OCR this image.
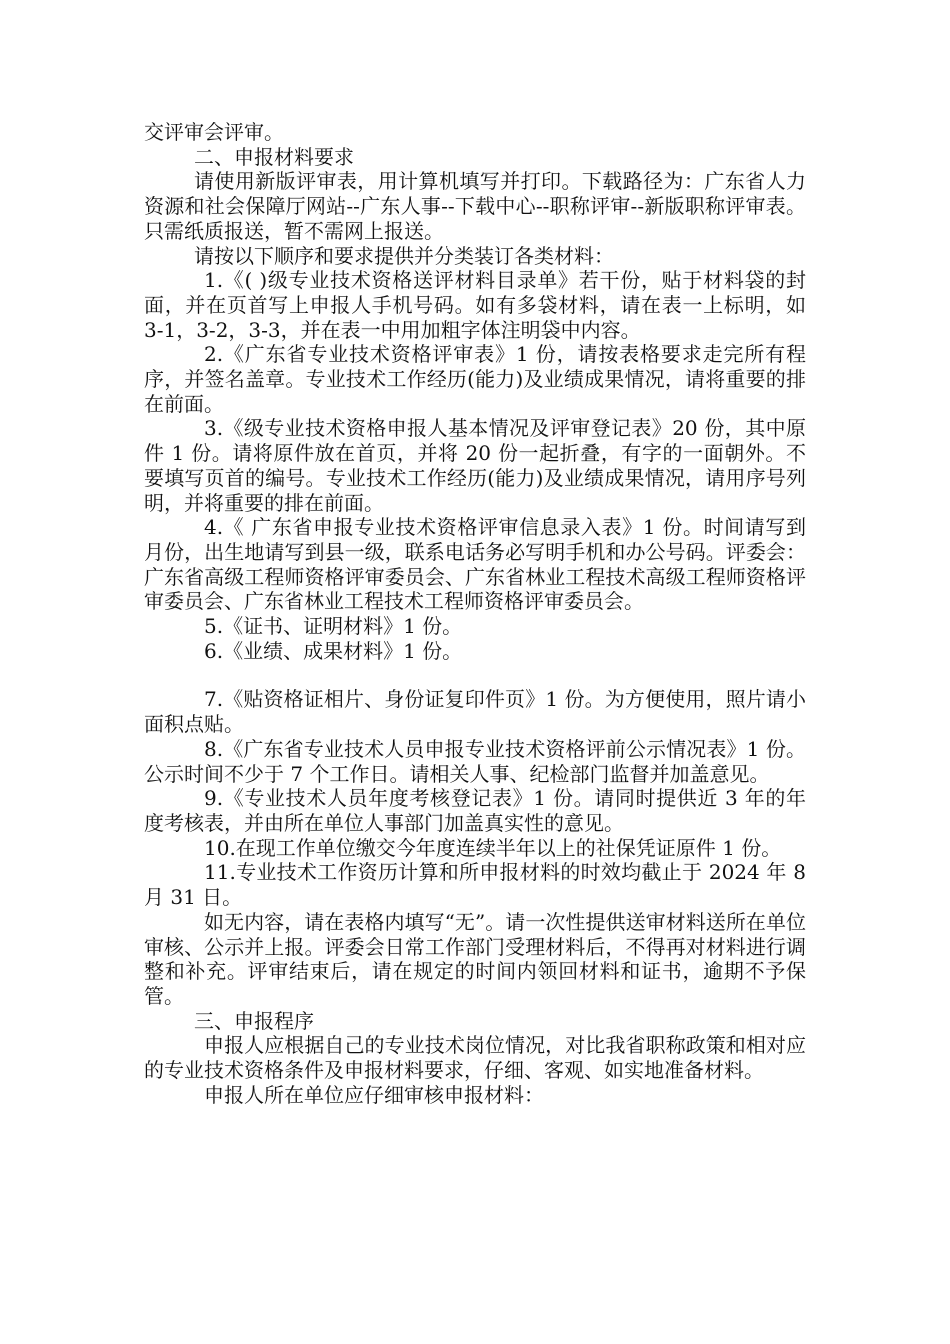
交评审会评审。

二、申报材料要求

请使用新版评审表，用计算机填写并打印。下载路径为：广东省人力资源和社会保障厅网站--广东人事--下载中心--职称评审--新版职称评审表。只需纸质报送，暂不需网上报送。

请按以下顺序和要求提供并分类装订各类材料：

1.《( )级专业技术资格送评材料目录单》若干份，贴于材料袋的封面，并在页首写上申报人手机号码。如有多袋材料，请在表一上标明，如 3-1，3-2，3-3，并在表一中用加粗字体注明袋中内容。

2.《广东省专业技术资格评审表》1 份，请按表格要求走完所有程序，并签名盖章。专业技术工作经历(能力)及业绩成果情况，请将重要的排在前面。

3.《级专业技术资格申报人基本情况及评审登记表》20 份，其中原件 1 份。请将原件放在首页，并将 20 份一起折叠，有字的一面朝外。不要填写页首的编号。专业技术工作经历(能力)及业绩成果情况，请用序号列明，并将重要的排在前面。

4.《 广东省申报专业技术资格评审信息录入表》1 份。时间请写到月份，出生地请写到县一级，联系电话务必写明手机和办公号码。评委会：广东省高级工程师资格评审委员会、广东省林业工程技术高级工程师资格评审委员会、广东省林业工程技术工程师资格评审委员会。

5.《证书、证明材料》1 份。

6.《业绩、成果材料》1 份。

7.《贴资格证相片、身份证复印件页》1 份。为方便使用，照片请小面积点贴。

8.《广东省专业技术人员申报专业技术资格评前公示情况表》1 份。公示时间不少于 7 个工作日。请相关人事、纪检部门监督并加盖意见。

9.《专业技术人员年度考核登记表》1 份。请同时提供近 3 年的年度考核表，并由所在单位人事部门加盖真实性的意见。

10.在现工作单位缴交今年度连续半年以上的社保凭证原件 1 份。

11.专业技术工作资历计算和所申报材料的时效均截止于 2024 年 8 月 31 日。

如无内容，请在表格内填写“无”。请一次性提供送审材料送所在单位审核、公示并上报。评委会日常工作部门受理材料后，不得再对材料进行调整和补充。评审结束后，请在规定的时间内领回材料和证书，逾期不予保管。

三、申报程序

申报人应根据自己的专业技术岗位情况，对比我省职称政策和相对应的专业技术资格条件及申报材料要求，仔细、客观、如实地准备材料。

申报人所在单位应仔细审核申报材料：
